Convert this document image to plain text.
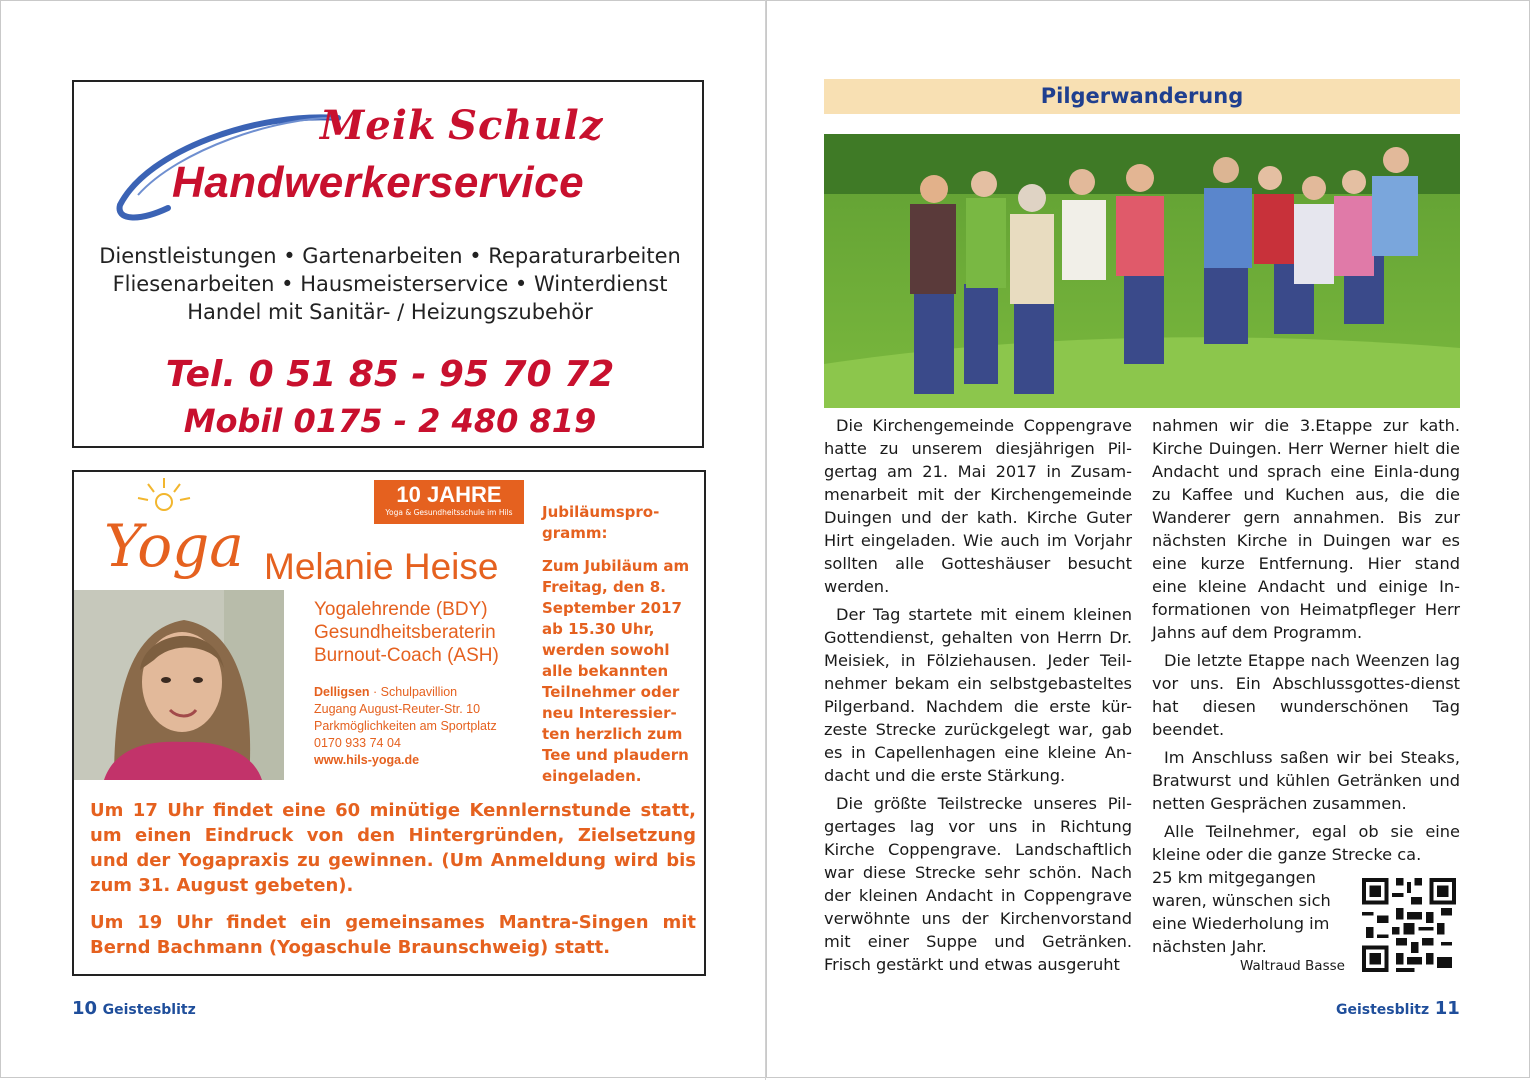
Meik Schulz
Handwerkerservice
Dienstleistungen • Gartenarbeiten • Reparaturarbeiten
Fliesenarbeiten • Hausmeisterservice • Winterdienst
Handel mit Sanitär- / Heizungszubehör
Tel. 0 51 85 - 95 70 72
Mobil 0175 - 2 480 819
10 JAHRE
Yoga & Gesundheitsschule im Hils
Yoga Melanie Heise
Yogalehrende (BDY)
Gesundheitsberaterin
Burnout-Coach (ASH)
Delligsen · Schulpavillion
Zugang August-Reuter-Str. 10
Parkmöglichkeiten am Sportplatz
0170 933 74 04
www.hils-yoga.de
Jubiläumspro-gramm:
Zum Jubiläum am Freitag, den 8. September 2017 ab 15.30 Uhr, werden sowohl alle bekannten Teilnehmer oder neu Interessier-ten herzlich zum Tee und plaudern eingeladen.
Um 17 Uhr findet eine 60 minütige Kennlernstunde statt, um einen Eindruck von den Hintergründen, Zielsetzung und der Yogapraxis zu gewinnen. (Um Anmeldung wird bis zum 31. August gebeten).
Um 19 Uhr findet ein gemeinsames Mantra-Singen mit Bernd Bachmann (Yogaschule Braunschweig) statt.
10 Geistesblitz
Pilgerwanderung

Die Kirchengemeinde Coppengrave hatte zu unserem diesjährigen Pil-gertag am 21. Mai 2017 in Zusam-menarbeit mit der Kirchengemeinde Duingen und der kath. Kirche Guter Hirt eingeladen. Wie auch im Vorjahr sollten alle Gotteshäuser besucht werden.

Der Tag startete mit einem kleinen Gottendienst, gehalten von Herrn Dr. Meisiek, in Fölziehausen. Jeder Teil-nehmer bekam ein selbstgebasteltes Pilgerband. Nachdem die erste kür-zeste Strecke zurückgelegt war, gab es in Capellenhagen eine kleine An-dacht und die erste Stärkung.

Die größte Teilstrecke unseres Pil-gertages lag vor uns in Richtung Kirche Coppengrave. Landschaftlich war diese Strecke sehr schön. Nach der kleinen Andacht in Coppengrave verwöhnte uns der Kirchenvorstand mit einer Suppe und Getränken. Frisch gestärkt und etwas ausgeruht

nahmen wir die 3.Etappe zur kath. Kirche Duingen. Herr Werner hielt die Andacht und sprach eine Einla-dung zu Kaffee und Kuchen aus, die die Wanderer gern annahmen. Bis zur nächsten Kirche in Duingen war es eine kurze Entfernung. Hier stand eine kleine Andacht und einige In-formationen von Heimatpfleger Herr Jahns auf dem Programm.

Die letzte Etappe nach Weenzen lag vor uns. Ein Abschlussgottes-dienst hat diesen wunderschönen Tag beendet.

Im Anschluss saßen wir bei Steaks, Bratwurst und kühlen Getränken und netten Gesprächen zusammen.

Alle Teilnehmer, egal ob sie eine kleine oder die ganze Strecke ca.

25 km mitgegangen
waren, wünschen sich
eine Wiederholung im
nächsten Jahr.
Waltraud Basse
Geistesblitz 11
